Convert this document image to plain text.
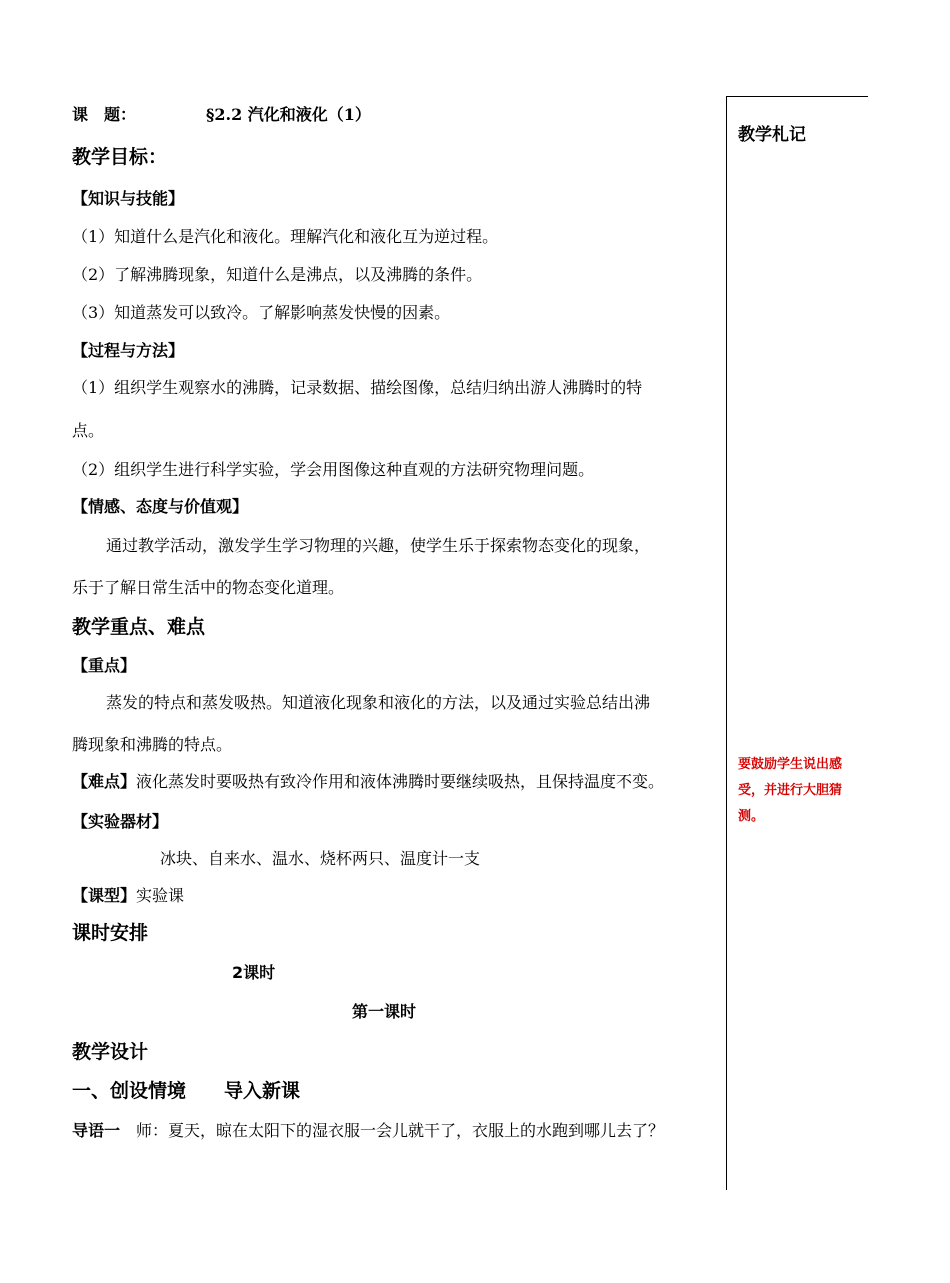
课　题：	§2.2 汽化和液化（1）
教学目标：
【知识与技能】
（1）知道什么是汽化和液化。理解汽化和液化互为逆过程。
（2）了解沸腾现象，知道什么是沸点，以及沸腾的条件。
（3）知道蒸发可以致冷。了解影响蒸发快慢的因素。
【过程与方法】
（1）组织学生观察水的沸腾，记录数据、描绘图像，总结归纳出游人沸腾时的特
点。
（2）组织学生进行科学实验，学会用图像这种直观的方法研究物理问题。
【情感、态度与价值观】
通过教学活动，激发学生学习物理的兴趣，使学生乐于探索物态变化的现象，
乐于了解日常生活中的物态变化道理。
教学重点、难点
【重点】
蒸发的特点和蒸发吸热。知道液化现象和液化的方法，以及通过实验总结出沸
腾现象和沸腾的特点。
【难点】液化蒸发时要吸热有致冷作用和液体沸腾时要继续吸热，且保持温度不变。
【实验器材】
冰块、自来水、温水、烧杯两只、温度计一支
【课型】实验课
课时安排
2课时
第一课时
教学设计
一、创设情境　　导入新课
导语一　师：夏天，晾在太阳下的湿衣服一会儿就干了，衣服上的水跑到哪儿去了？
教学札记
要鼓励学生说出感
受，并进行大胆猜
测。
